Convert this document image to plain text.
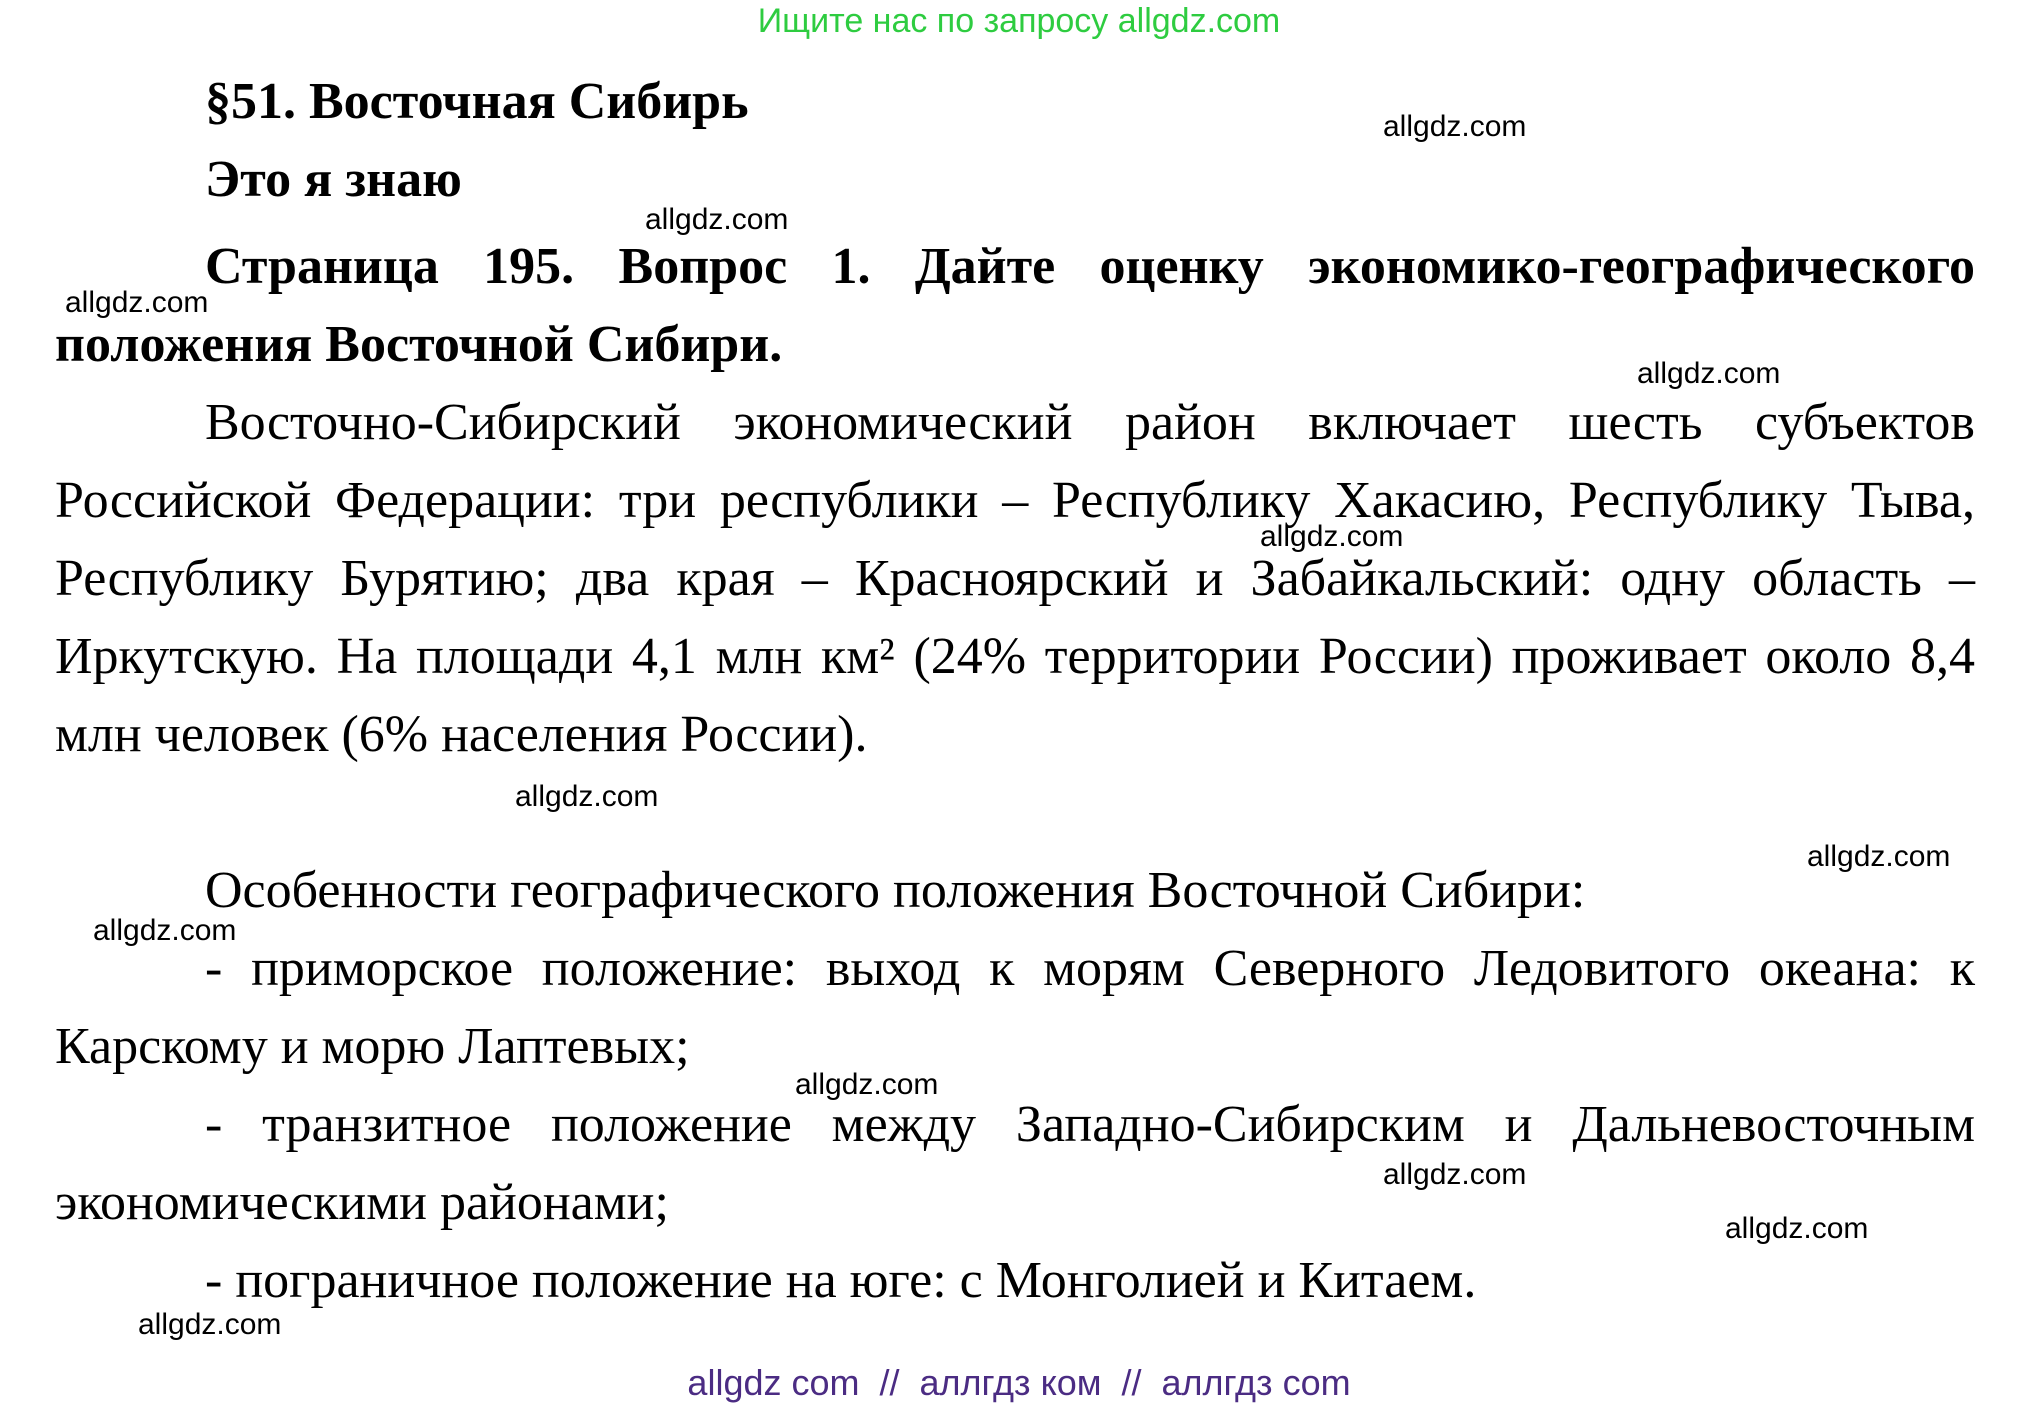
Ищите нас по запросу allgdz.com
§51. Восточная Сибирь
Это я знаю
Страница 195. Вопрос 1. Дайте оценку экономико-географического положения Восточной Сибири.
Восточно-Сибирский экономический район включает шесть субъектов Российской Федерации: три республики – Республику Хакасию, Республику Тыва, Республику Бурятию; два края – Красноярский и Забайкальский: одну область – Иркутскую. На площади 4,1 млн км² (24% территории России) проживает около 8,4 млн человек (6% населения России).
Особенности географического положения Восточной Сибири:
- приморское положение: выход к морям Северного Ледовитого океана: к Карскому и морю Лаптевых;
- транзитное положение между Западно-Сибирским и Дальневосточным экономическими районами;
- пограничное положение на юге: с Монголией и Китаем.
allgdz.com
allgdz.com
allgdz.com
allgdz.com
allgdz.com
allgdz.com
allgdz.com
allgdz.com
allgdz.com
allgdz.com
allgdz.com
allgdz.com
allgdz com  //  аллгдз ком  //  аллгдз com
